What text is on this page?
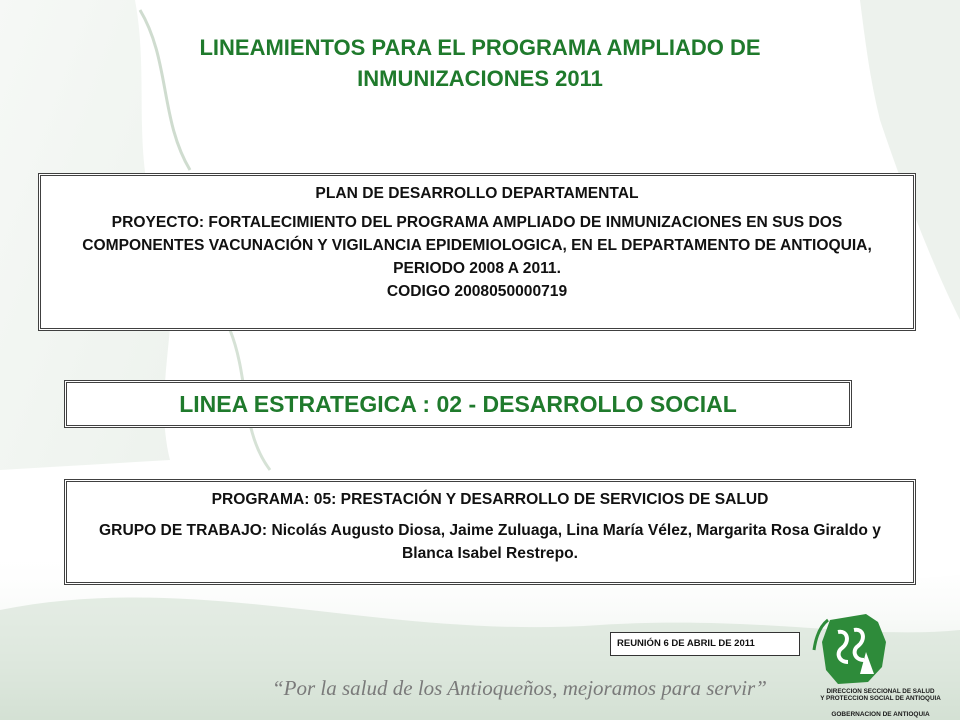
LINEAMIENTOS PARA EL PROGRAMA AMPLIADO DE
INMUNIZACIONES 2011

PLAN DE DESARROLLO DEPARTAMENTAL

PROYECTO: FORTALECIMIENTO DEL PROGRAMA AMPLIADO DE INMUNIZACIONES EN SUS DOS COMPONENTES VACUNACIÓN Y VIGILANCIA EPIDEMIOLOGICA, EN EL DEPARTAMENTO DE ANTIOQUIA, PERIODO 2008 A 2011.

CODIGO 2008050000719

LINEA ESTRATEGICA : 02 - DESARROLLO SOCIAL

PROGRAMA: 05: PRESTACIÓN Y DESARROLLO DE SERVICIOS DE SALUD

GRUPO DE TRABAJO: Nicolás Augusto Diosa, Jaime Zuluaga, Lina María Vélez, Margarita Rosa Giraldo y Blanca Isabel Restrepo.

REUNIÓN 6 DE ABRIL DE 2011
“Por la salud de los Antioqueños, mejoramos para servir”	DIRECCION SECCIONAL DE SALUD
Y PROTECCION SOCIAL DE ANTIOQUIA
GOBERNACION DE ANTIOQUIA
